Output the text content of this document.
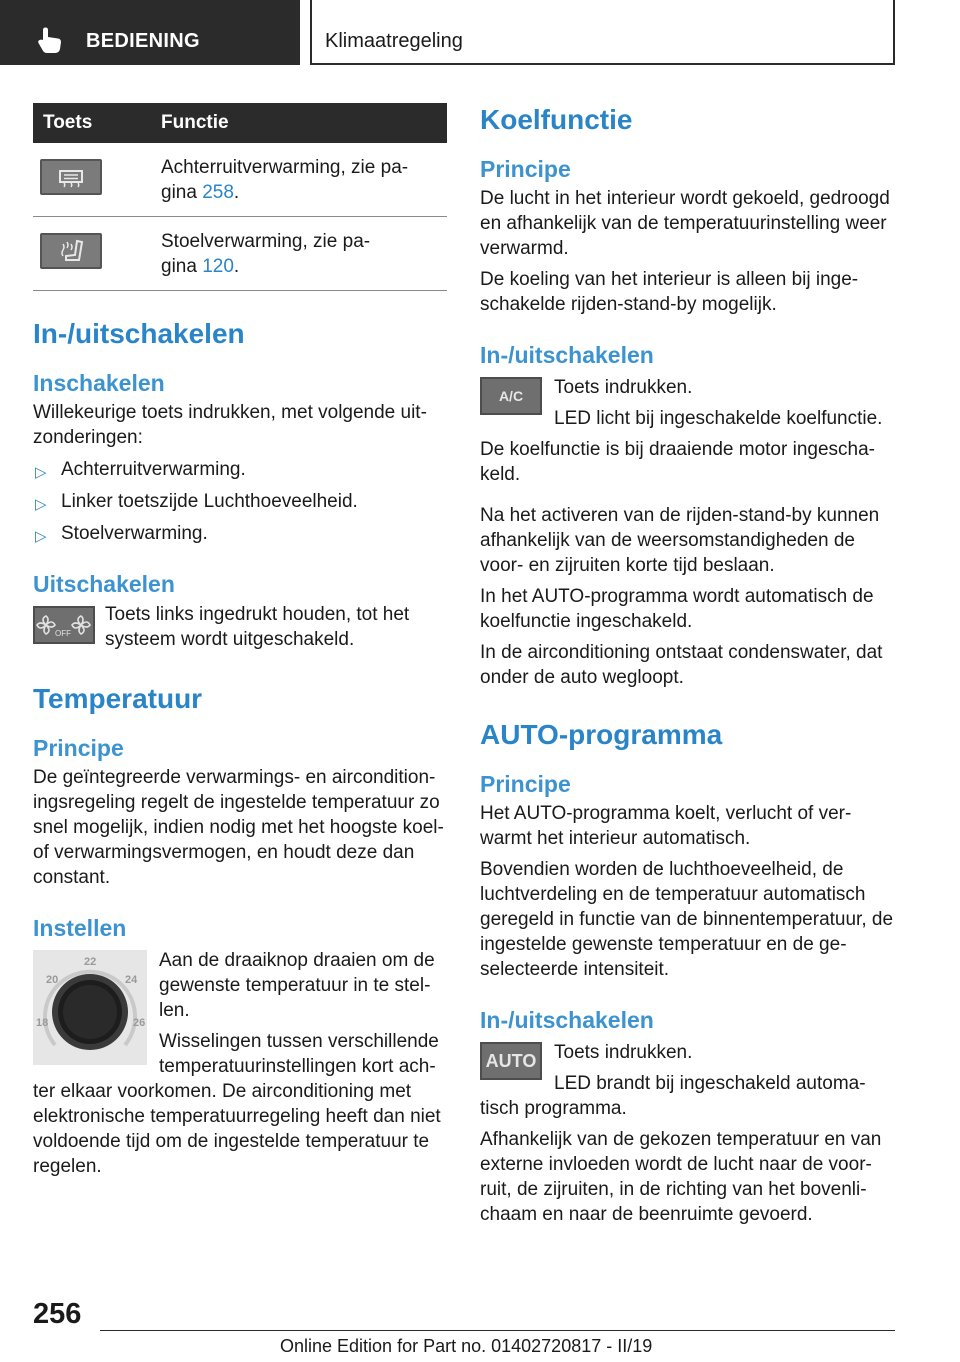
BEDIENING	Klimaatregeling
Toets	Functie

	Achterruitverwarming, zie pa-
gina 258.

	Stoelverwarming, zie pa-
gina 120.
In-/uitschakelen
Inschakelen

Willekeurige toets indrukken, met volgende uit-zonderingen:

▷ Achterruitverwarming.
▷ Linker toetszijde Luchthoeveelheid.
▷ Stoelverwarming.
Uitschakelen
OFF

Toets links ingedrukt houden, tot het systeem wordt uitgeschakeld.

Temperatuur
Principe

De geïntegreerde verwarmings- en aircondition-ingsregeling regelt de ingestelde temperatuur zo snel mogelijk, indien nodig met het hoogste koel- of verwarmingsvermogen, en houdt deze dan constant.

Instellen
22
20	24
18	26

Aan de draaiknop draaien om de gewenste temperatuur in te stel-len.

Wisselingen tussen verschillende temperatuurinstellingen kort ach-

ter elkaar voorkomen. De airconditioning met elektronische temperatuurregeling heeft dan niet voldoende tijd om de ingestelde temperatuur te regelen.

Koelfunctie
Principe

De lucht in het interieur wordt gekoeld, gedroogd en afhankelijk van de temperatuurinstelling weer verwarmd.

De koeling van het interieur is alleen bij inge-schakelde rijden-stand-by mogelijk.

In-/uitschakelen
A/C Toets indrukken.

LED licht bij ingeschakelde koelfunctie.

De koelfunctie is bij draaiende motor ingescha-keld.

Na het activeren van de rijden-stand-by kunnen afhankelijk van de weersomstandigheden de voor- en zijruiten korte tijd beslaan.

In het AUTO-programma wordt automatisch de koelfunctie ingeschakeld.

In de airconditioning ontstaat condenswater, dat onder de auto wegloopt.

AUTO-programma
Principe

Het AUTO-programma koelt, verlucht of ver-warmt het interieur automatisch.

Bovendien worden de luchthoeveelheid, de luchtverdeling en de temperatuur automatisch geregeld in functie van de binnentemperatuur, de ingestelde gewenste temperatuur en de ge-selecteerde intensiteit.

In-/uitschakelen
AUTO Toets indrukken.

LED brandt bij ingeschakeld automa-

tisch programma.

Afhankelijk van de gekozen temperatuur en van externe invloeden wordt de lucht naar de voor-ruit, de zijruiten, in de richting van het bovenli-chaam en naar de beenruimte gevoerd.

256
Online Edition for Part no. 01402720817 - II/19
